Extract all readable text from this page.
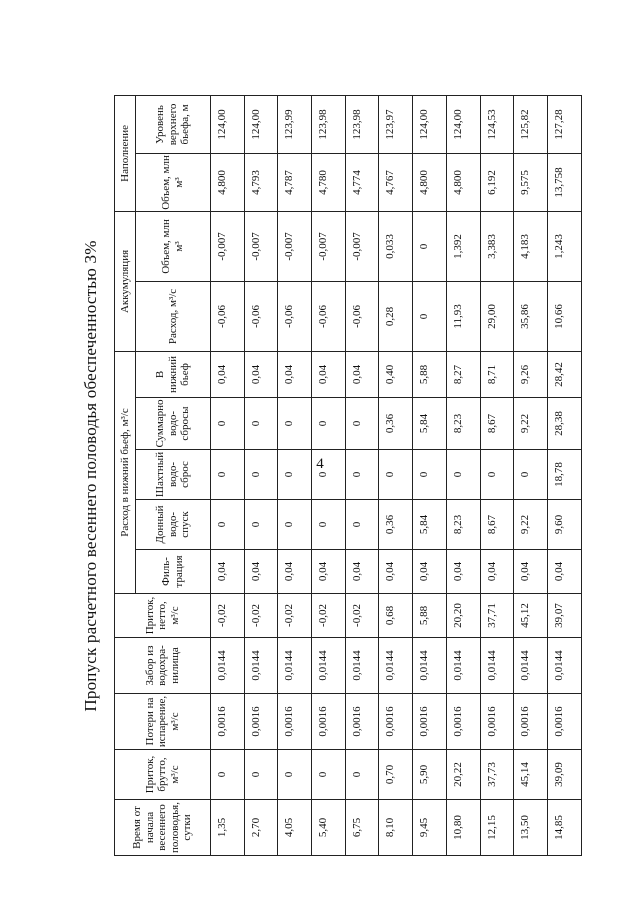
4
Пропуск расчетного весеннего половодья обеспеченностью 3%
Время от начала весеннего половодья, сутки	Приток, брутто, м³/с	Потери на испарение, м³/с	Забор из водохра-нилища	Приток, нетто, м³/с	Расход в нижний бьеф, м³/с					Аккумуляция		Наполнение	
					Филь-трация	Донный водо-спуск	Шахтный водо-сброс	Суммарно водо-сбросы	В нижний бьеф	Расход, м³/с	Объем, млн м³	Объем, млн м³	Уровень верхнего бьефа, м
1,35	0	0,0016	0,0144	-0,02	0,04	0	0	0	0,04	-0,06	-0,007	4,800	124,00
2,70	0	0,0016	0,0144	-0,02	0,04	0	0	0	0,04	-0,06	-0,007	4,793	124,00
4,05	0	0,0016	0,0144	-0,02	0,04	0	0	0	0,04	-0,06	-0,007	4,787	123,99
5,40	0	0,0016	0,0144	-0,02	0,04	0	0	0	0,04	-0,06	-0,007	4,780	123,98
6,75	0	0,0016	0,0144	-0,02	0,04	0	0	0	0,04	-0,06	-0,007	4,774	123,98
8,10	0,70	0,0016	0,0144	0,68	0,04	0,36	0	0,36	0,40	0,28	0,033	4,767	123,97
9,45	5,90	0,0016	0,0144	5,88	0,04	5,84	0	5,84	5,88	0	0	4,800	124,00
10,80	20,22	0,0016	0,0144	20,20	0,04	8,23	0	8,23	8,27	11,93	1,392	4,800	124,00
12,15	37,73	0,0016	0,0144	37,71	0,04	8,67	0	8,67	8,71	29,00	3,383	6,192	124,53
13,50	45,14	0,0016	0,0144	45,12	0,04	9,22	0	9,22	9,26	35,86	4,183	9,575	125,82
14,85	39,09	0,0016	0,0144	39,07	0,04	9,60	18,78	28,38	28,42	10,66	1,243	13,758	127,28
